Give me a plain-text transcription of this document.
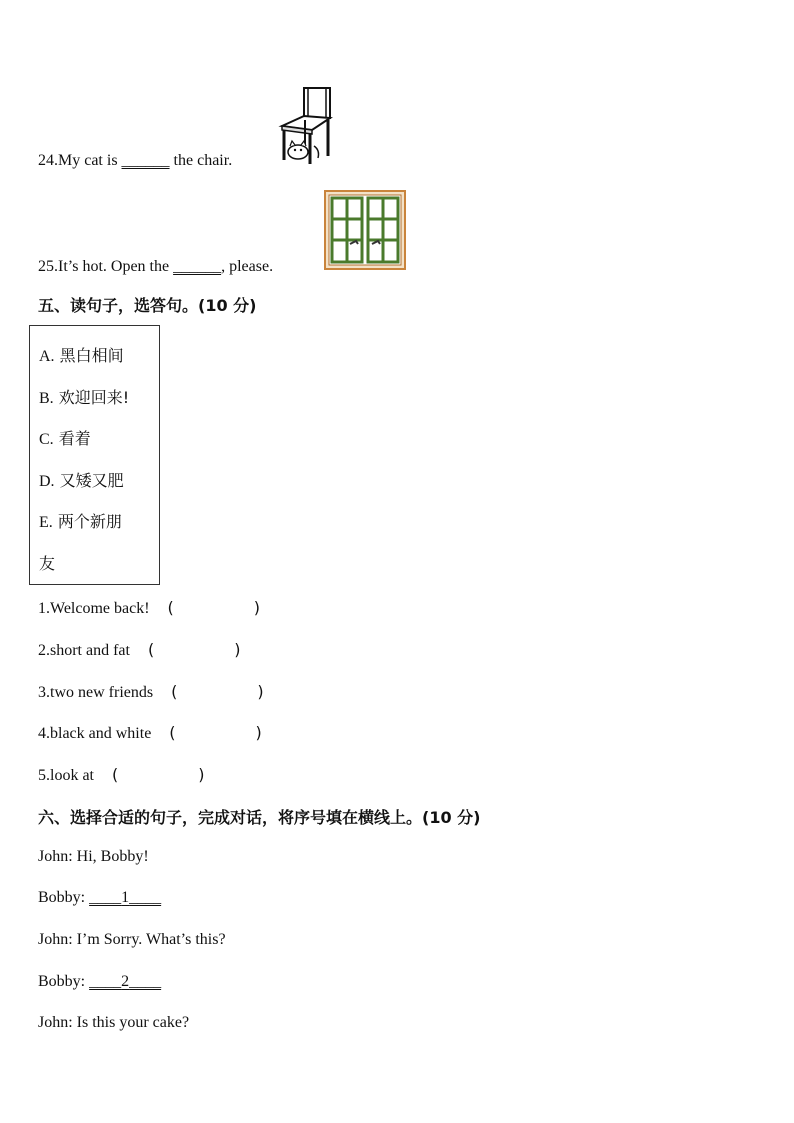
24.My cat is ______ the chair.
25.It’s hot. Open the ______, please.
五、读句子，选答句。(10 分)
A. 黑白相间
B. 欢迎回来!
C. 看着
D. 又矮又肥
E. 两个新朋
友
1.Welcome back! (	)
2.short and fat (	)
3.two new friends (	)
4.black and white (	)
5.look at (	)
六、选择合适的句子，完成对话，将序号填在横线上。(10 分)
John: Hi, Bobby!
Bobby: ____1____
John: I’m Sorry. What’s this?
Bobby: ____2____
John: Is this your cake?
